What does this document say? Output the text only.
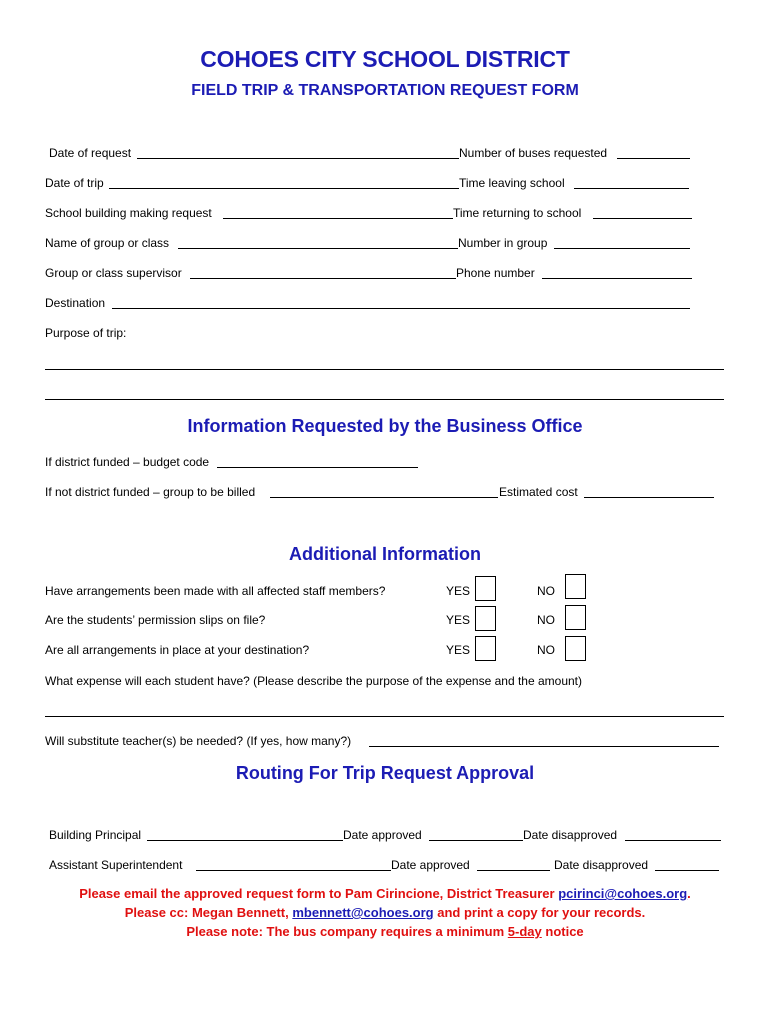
COHOES CITY SCHOOL DISTRICT
FIELD TRIP & TRANSPORTATION REQUEST FORM
Date of request	Number of buses requested
Date of trip	Time leaving school
School building making request	Time returning to school
Name of group or class	Number in group
Group or class supervisor	Phone number
Destination
Purpose of trip:
Information Requested by the Business Office
If district funded – budget code
If not district funded – group to be billed	Estimated cost
Additional Information
Have arrangements been made with all affected staff members?	YES	NO
Are the students’ permission slips on file?	YES	NO
Are all arrangements in place at your destination?	YES	NO
What expense will each student have? (Please describe the purpose of the expense and the amount)
Will substitute teacher(s) be needed? (If yes, how many?)
Routing For Trip Request Approval
Building Principal	Date approved	Date disapproved
Assistant Superintendent	Date approved	Date disapproved
Please email the approved request form to Pam Cirincione, District Treasurer pcirinci@cohoes.org.
Please cc: Megan Bennett, mbennett@cohoes.org and print a copy for your records.
Please note: The bus company requires a minimum 5-day notice
